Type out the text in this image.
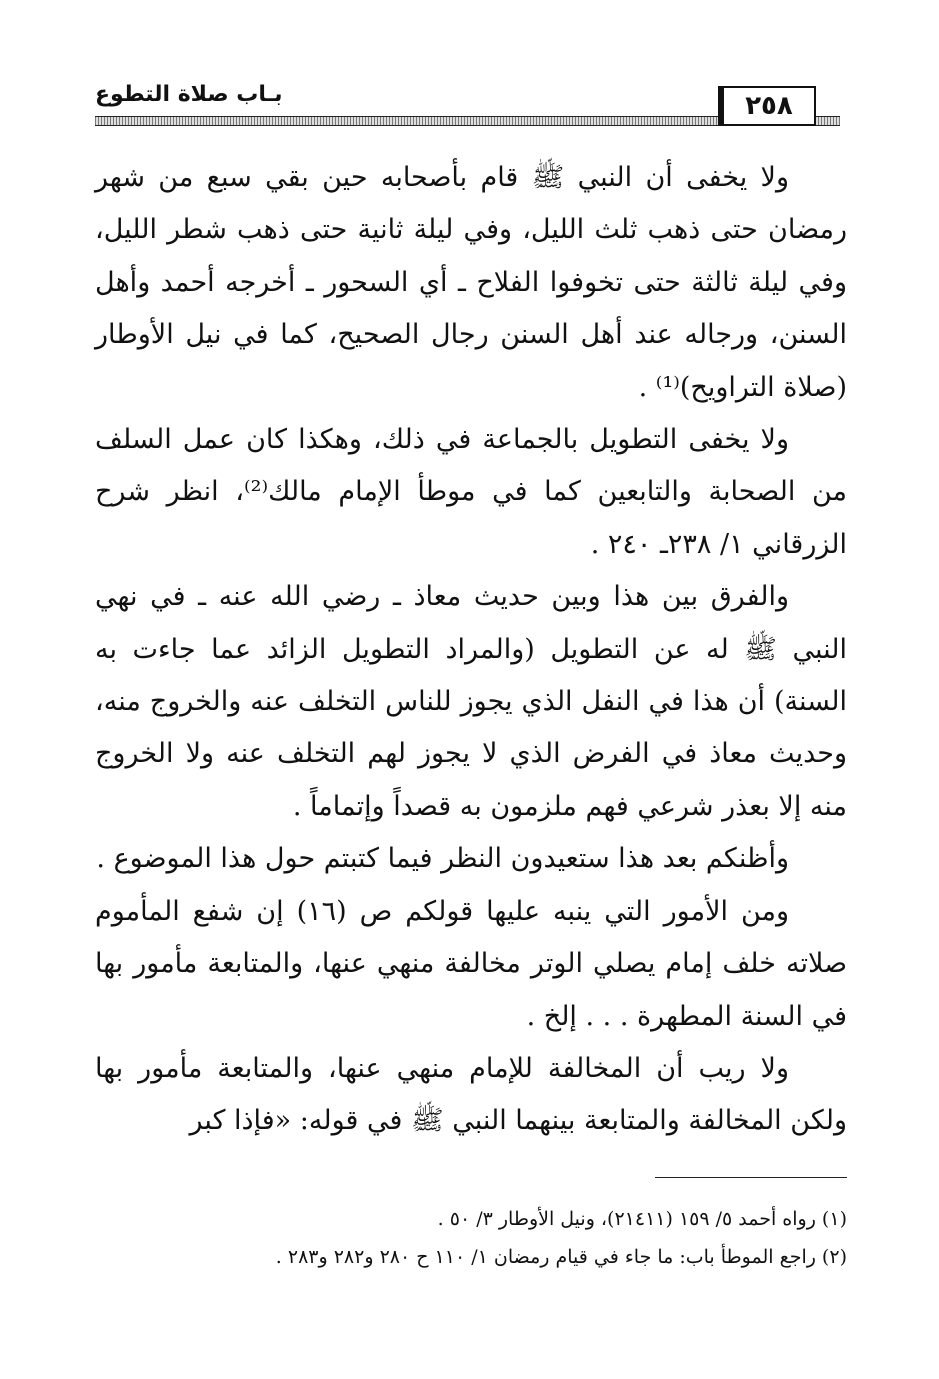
بـاب صلاة التطوع	٢٥٨

ولا يخفى أن النبي ﷺ قام بأصحابه حين بقي سبع من شهر رمضان حتى ذهب ثلث الليل، وفي ليلة ثانية حتى ذهب شطر الليل، وفي ليلة ثالثة حتى تخوفوا الفلاح ـ أي السحور ـ أخرجه أحمد وأهل السنن، ورجاله عند أهل السنن رجال الصحيح، كما في نيل الأوطار (صلاة التراويح)⁽¹⁾ .

ولا يخفى التطويل بالجماعة في ذلك، وهكذا كان عمل السلف من الصحابة والتابعين كما في موطأ الإمام مالك⁽²⁾، انظر شرح الزرقاني ١/ ٢٣٨ـ ٢٤٠ .

والفرق بين هذا وبين حديث معاذ ـ رضي الله عنه ـ في نهي النبي ﷺ له عن التطويل (والمراد التطويل الزائد عما جاءت به السنة) أن هذا في النفل الذي يجوز للناس التخلف عنه والخروج منه، وحديث معاذ في الفرض الذي لا يجوز لهم التخلف عنه ولا الخروج منه إلا بعذر شرعي فهم ملزمون به قصداً وإتماماً .

وأظنكم بعد هذا ستعيدون النظر فيما كتبتم حول هذا الموضوع .

ومن الأمور التي ينبه عليها قولكم ص (١٦) إن شفع المأموم صلاته خلف إمام يصلي الوتر مخالفة منهي عنها، والمتابعة مأمور بها في السنة المطهرة . . . إلخ .

ولا ريب أن المخالفة للإمام منهي عنها، والمتابعة مأمور بها ولكن المخالفة والمتابعة بينهما النبي ﷺ في قوله: «فإذا كبر

(١) رواه أحمد ٥/ ١٥٩ (٢١٤١١)، ونيل الأوطار ٣/ ٥٠ .

(٢) راجع الموطأ باب: ما جاء في قيام رمضان ١/ ١١٠ ح ٢٨٠ و٢٨٢ و٢٨٣ .
